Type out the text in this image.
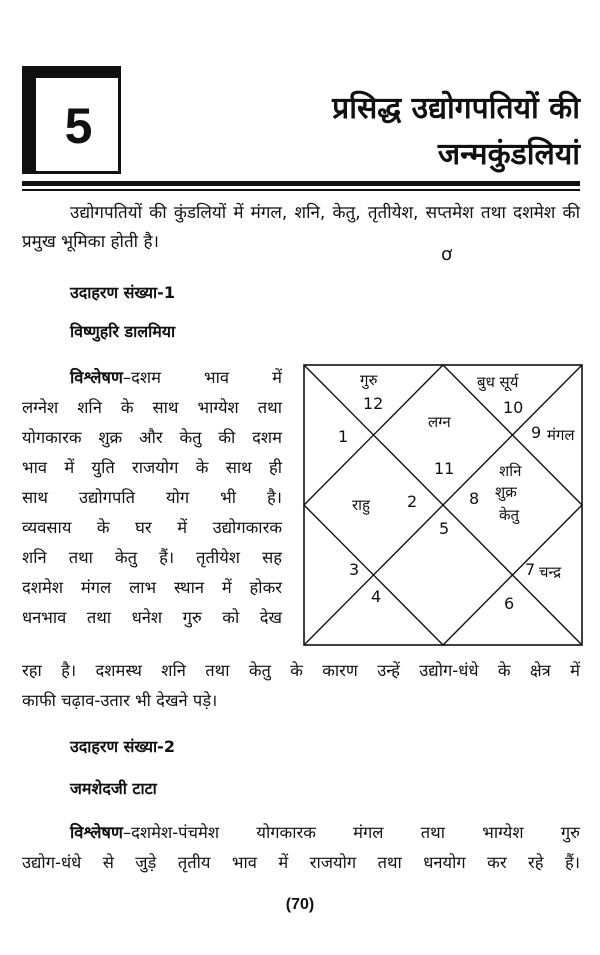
5	प्रसिद्ध उद्योगपतियों की
जन्मकुंडलियां
उद्योगपतियों की कुंडलियों में मंगल, शनि, केतु, तृतीयेश, सप्तमेश तथा दशमेश की प्रमुख भूमिका होती है।
ơ
उदाहरण संख्या-1
विष्णुहरि डालमिया
विश्लेषण–दशम भाव में
लग्नेश शनि के साथ भाग्येश तथा
योगकारक शुक्र और केतु की दशम
भाव में युति राजयोग के साथ ही
साथ उद्योगपति योग भी है।
व्यवसाय के घर में उद्योगकारक
शनि तथा केतु हैं। तृतीयेश सह
दशमेश मंगल लाभ स्थान में होकर
धनभाव तथा धनेश गुरु को देख
गुरु
12
बुध सूर्य
10
लग्न
1	9 मंगल
11	शनि
शुक्र
केतु
राहु 2	8
5
3
4
7 चन्द्र
6
रहा है। दशमस्थ शनि तथा केतु के कारण उन्हें उद्योग-धंधे के क्षेत्र में
काफी चढ़ाव-उतार भी देखने पड़े।
उदाहरण संख्या-2
जमशेदजी टाटा
विश्लेषण–दशमेश-पंचमेश योगकारक मंगल तथा भाग्येश गुरु
उद्योग-धंधे से जुड़े तृतीय भाव में राजयोग तथा धनयोग कर रहे हैं।
(70)
